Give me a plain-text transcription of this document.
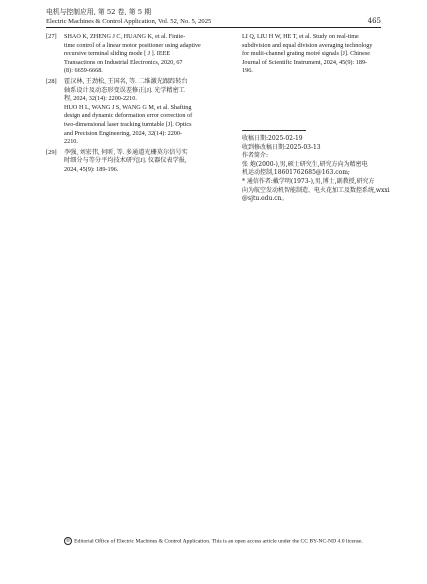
电机与控制应用, 第 52 卷, 第 5 期
Electric Machines & Control Application, Vol. 52, No. 5, 2025	465
[27] SHAO K, ZHENG J C, HUANG K, et al. Finite-
time control of a linear motor positioner using adaptive
recursive terminal sliding mode [ J ]. IEEE
Transactions on Industrial Electronics, 2020, 67
(8): 6659-6668.
[28] 霍汉林, 王劲松, 王国名, 等. 二维激光跟踪转台
轴系设计及动态形变误差修正[J]. 光学精密工
程, 2024, 32(14): 2200-2210.
HUO H L, WANG J S, WANG G M, et al. Shafting
design and dynamic deformation error correction of
two-dimensional laser tracking turntable [J]. Optics
and Precision Engineering, 2024, 32(14): 2200-
2210.
[29] 李强, 刘宏伟, 何昕, 等. 多通道光栅莫尔信号实
时细分与等分平均技术研究[J]. 仪器仪表学报,
2024, 45(9): 189-196.
LI Q, LIU H W, HE T, et al. Study on real-time
subdivision and equal division averaging technology
for multi-channel grating moiré signals [J]. Chinese
Journal of Scientific Instrument, 2024, 45(9): 189-
196.
收稿日期:2025-02-19
收到修改稿日期:2025-03-13
作者简介:
张 炮(2000-),男,硕士研究生,研究方向为精密电
机运动控制,18601762685@163.com;
* 通信作者:戴学明(1973-),男,博士,副教授,研究方
向为航空发动机智能制造、电火花加工及数控系统,wxxi
@sjtu.edu.cn。
© Editorial Office of Electric Machines & Control Application. This is an open access article under the CC BY-NC-ND 4.0 license.
